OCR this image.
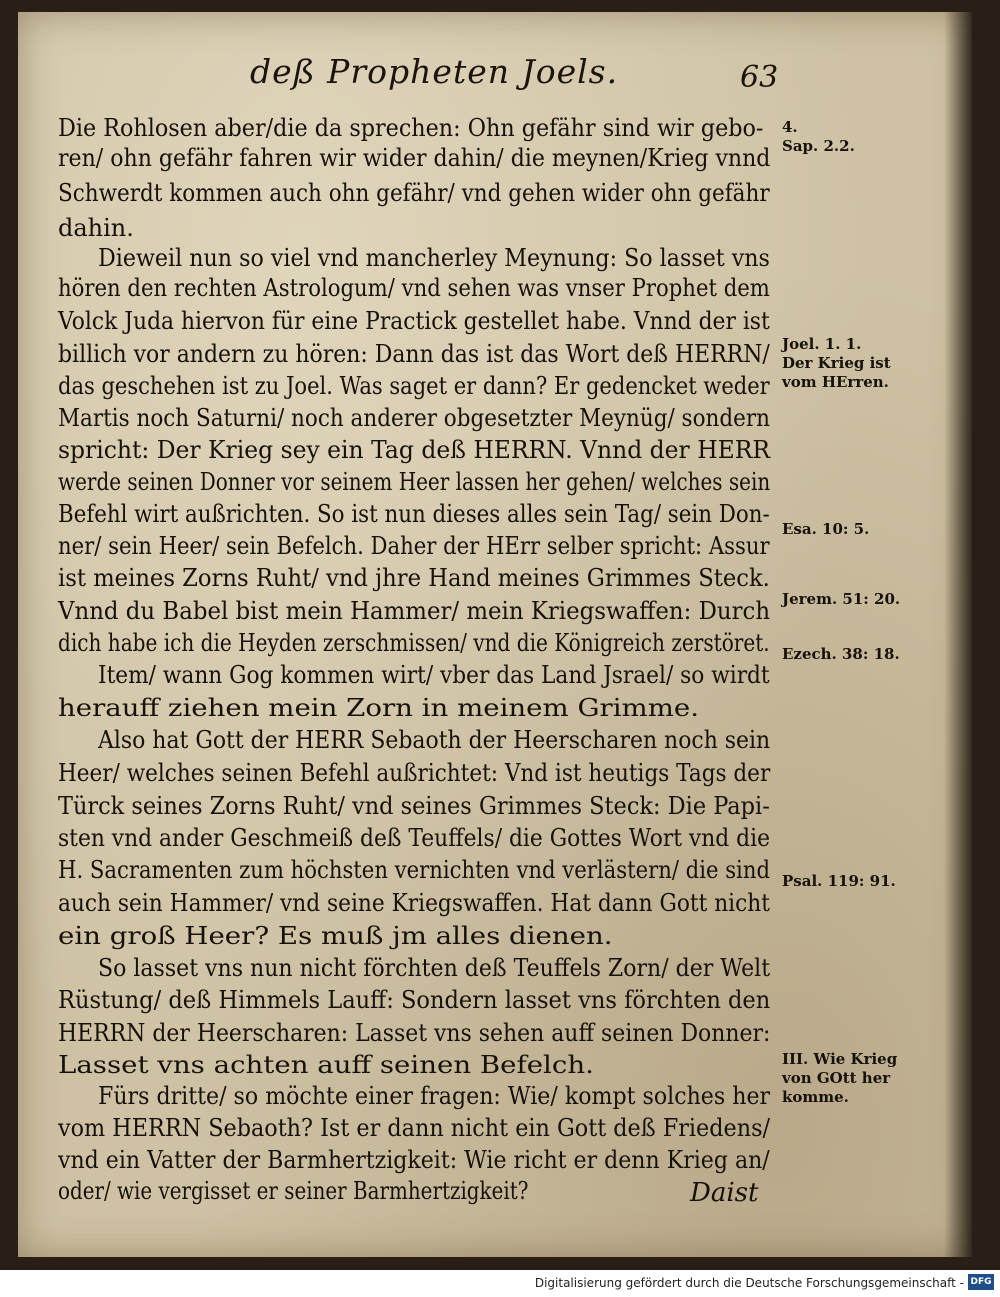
deß Propheten Joels.	63
Die Rohlosen aber/die da sprechen: Ohn gefähr sind wir gebo-
ren/ ohn gefähr fahren wir wider dahin/ die meynen/Krieg vnnd
Schwerdt kommen auch ohn gefähr/ vnd gehen wider ohn gefähr
dahin.
Dieweil nun so viel vnd mancherley Meynung: So lasset vns
hören den rechten Astrologum/ vnd sehen was vnser Prophet dem
Volck Juda hiervon für eine Practick gestellet habe. Vnnd der ist
billich vor andern zu hören: Dann das ist das Wort deß HERRN/
das geschehen ist zu Joel. Was saget er dann? Er gedencket weder
Martis noch Saturni/ noch anderer obgesetzter Meynüg/ sondern
spricht: Der Krieg sey ein Tag deß HERRN. Vnnd der HERR
werde seinen Donner vor seinem Heer lassen her gehen/ welches sein
Befehl wirt außrichten. So ist nun dieses alles sein Tag/ sein Don-
ner/ sein Heer/ sein Befelch. Daher der HErr selber spricht: Assur
ist meines Zorns Ruht/ vnd jhre Hand meines Grimmes Steck.
Vnnd du Babel bist mein Hammer/ mein Kriegswaffen: Durch
dich habe ich die Heyden zerschmissen/ vnd die Königreich zerstöret.
Item/ wann Gog kommen wirt/ vber das Land Jsrael/ so wirdt
herauff ziehen mein Zorn in meinem Grimme.
Also hat Gott der HERR Sebaoth der Heerscharen noch sein
Heer/ welches seinen Befehl außrichtet: Vnd ist heutigs Tags der
Türck seines Zorns Ruht/ vnd seines Grimmes Steck: Die Papi-
sten vnd ander Geschmeiß deß Teuffels/ die Gottes Wort vnd die
H. Sacramenten zum höchsten vernichten vnd verlästern/ die sind
auch sein Hammer/ vnd seine Kriegswaffen. Hat dann Gott nicht
ein groß Heer? Es muß jm alles dienen.
So lasset vns nun nicht förchten deß Teuffels Zorn/ der Welt
Rüstung/ deß Himmels Lauff: Sondern lasset vns förchten den
HERRN der Heerscharen: Lasset vns sehen auff seinen Donner:
Lasset vns achten auff seinen Befelch.
Fürs dritte/ so möchte einer fragen: Wie/ kompt solches her
vom HERRN Sebaoth? Ist er dann nicht ein Gott deß Friedens/
vnd ein Vatter der Barmhertzigkeit: Wie richt er denn Krieg an/
oder/ wie vergisset er seiner Barmhertzigkeit?
4.
Sap. 2.2.
Joel. 1. 1.
Der Krieg ist
vom HErren.
Esa. 10: 5.
Jerem. 51: 20.
Ezech. 38: 18.
Psal. 119: 91.
III. Wie Krieg
von GOtt her
komme.
Daist
Digitalisierung gefördert durch die Deutsche Forschungsgemeinschaft - DFG
